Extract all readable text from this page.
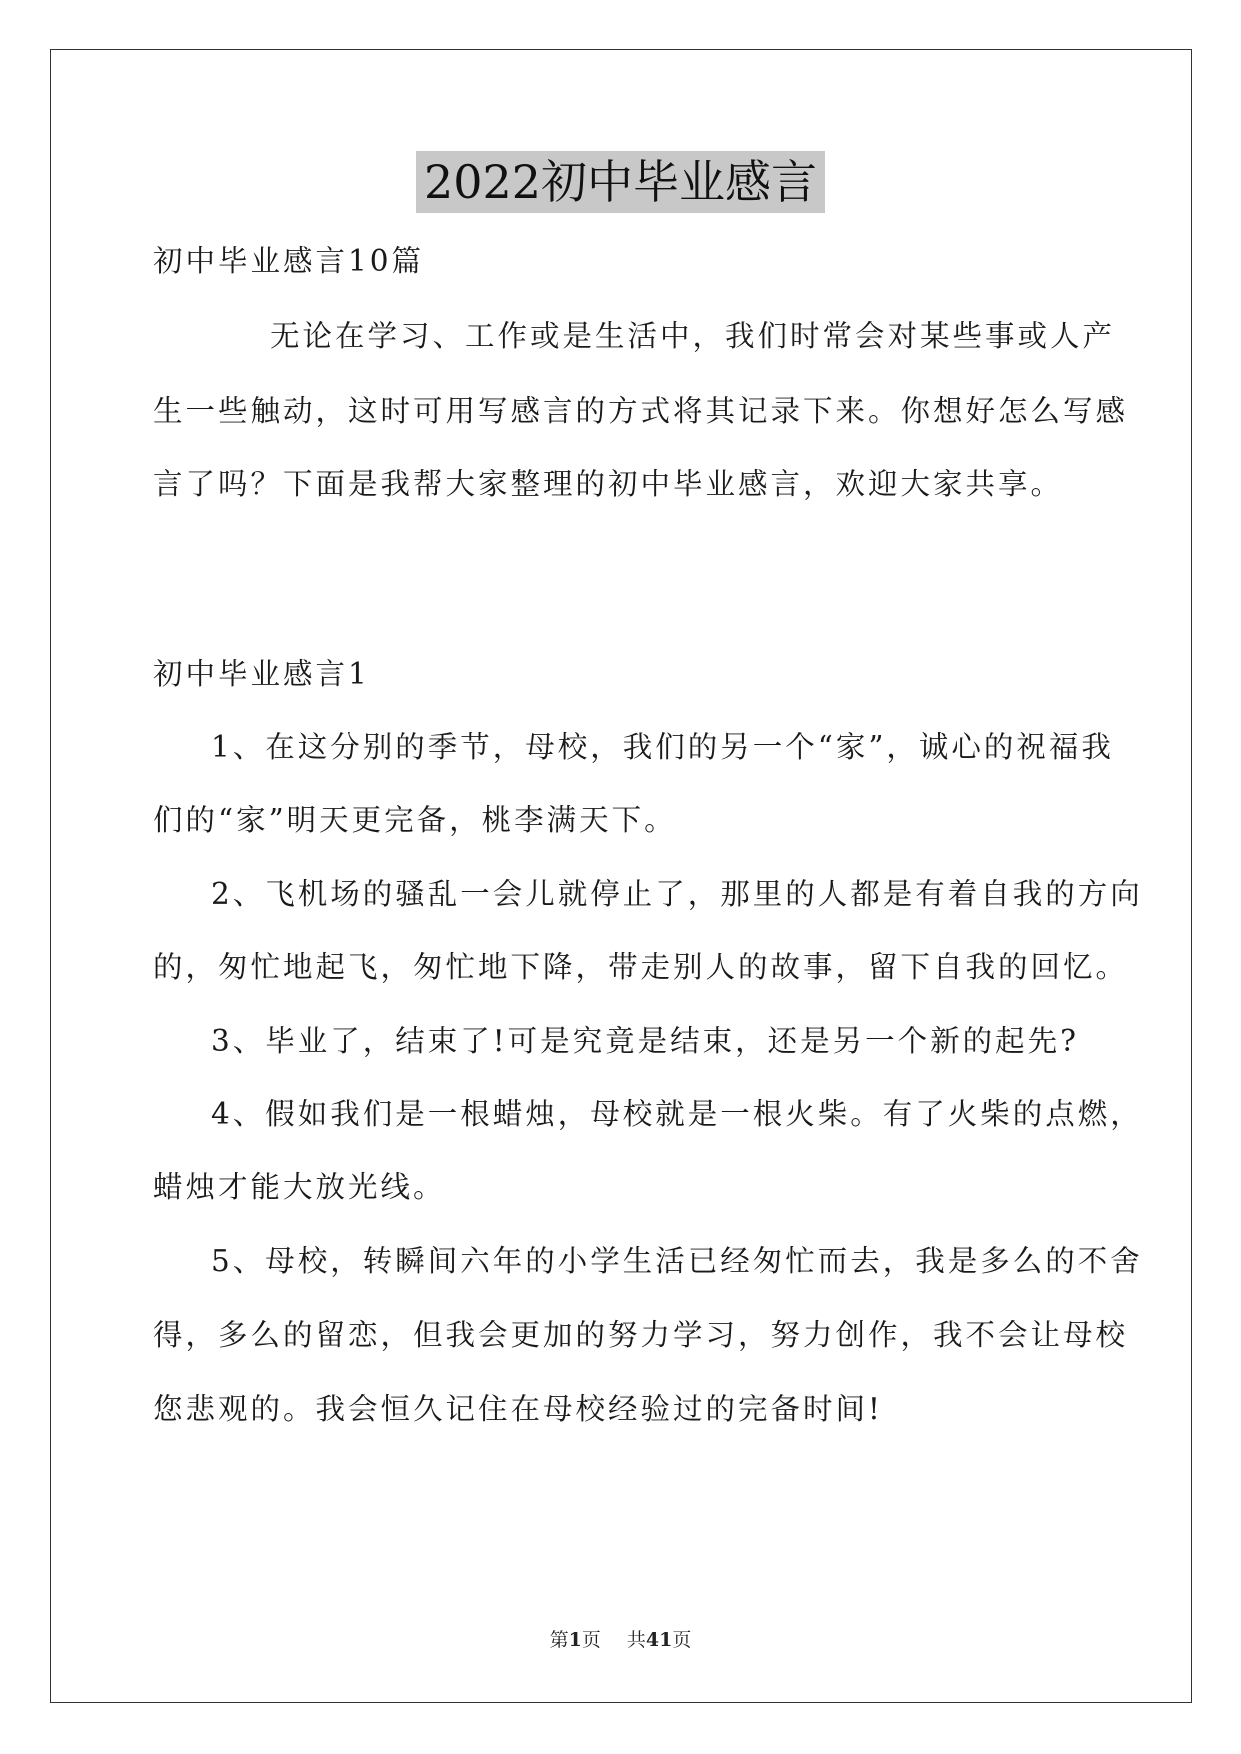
2022初中毕业感言
初中毕业感言10篇
无论在学习、工作或是生活中，我们时常会对某些事或人产
生一些触动，这时可用写感言的方式将其记录下来。你想好怎么写感
言了吗？下面是我帮大家整理的初中毕业感言，欢迎大家共享。
初中毕业感言1
1、在这分别的季节，母校，我们的另一个“家”，诚心的祝福我
们的“家”明天更完备，桃李满天下。
2、飞机场的骚乱一会儿就停止了，那里的人都是有着自我的方向
的，匆忙地起飞，匆忙地下降，带走别人的故事，留下自我的回忆。
3、毕业了，结束了!可是究竟是结束，还是另一个新的起先?
4、假如我们是一根蜡烛，母校就是一根火柴。有了火柴的点燃，
蜡烛才能大放光线。
5、母校，转瞬间六年的小学生活已经匆忙而去，我是多么的不舍
得，多么的留恋，但我会更加的努力学习，努力创作，我不会让母校
您悲观的。我会恒久记住在母校经验过的完备时间!
第1页 共41页
